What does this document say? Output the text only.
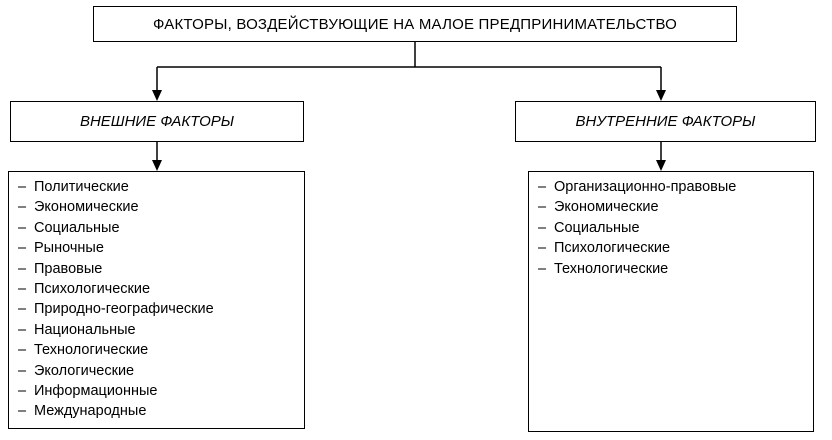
ФАКТОРЫ, ВОЗДЕЙСТВУЮЩИЕ НА МАЛОЕ ПРЕДПРИНИМАТЕЛЬСТВО
ВНЕШНИЕ ФАКТОРЫ	ВНУТРЕННИЕ ФАКТОРЫ
– Политические
– Экономические
– Социальные
– Рыночные
– Правовые
– Психологические
– Природно-географические
– Национальные
– Технологические
– Экологические
– Информационные
– Международные
– Организационно-правовые
– Экономические
– Социальные
– Психологические
– Технологические
